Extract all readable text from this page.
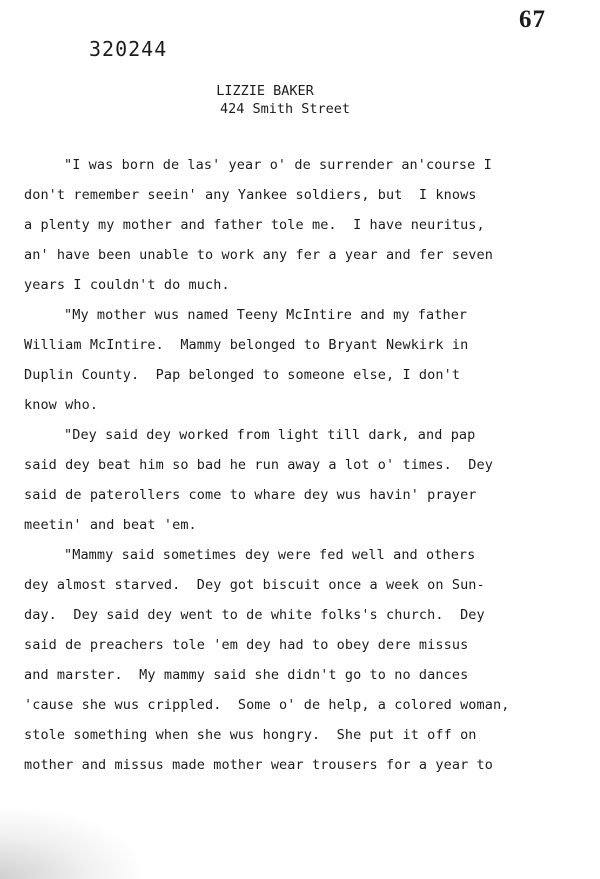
67
320244
LIZZIE BAKER
424 Smith Street
"I was born de las' year o' de surrender an'course I
don't remember seein' any Yankee soldiers, but  I knows
a plenty my mother and father tole me.  I have neuritus,
an' have been unable to work any fer a year and fer seven
years I couldn't do much.
"My mother wus named Teeny McIntire and my father
William McIntire.  Mammy belonged to Bryant Newkirk in
Duplin County.  Pap belonged to someone else, I don't
know who.
"Dey said dey worked from light till dark, and pap
said dey beat him so bad he run away a lot o' times.  Dey
said de paterollers come to whare dey wus havin' prayer
meetin' and beat 'em.
"Mammy said sometimes dey were fed well and others
dey almost starved.  Dey got biscuit once a week on Sun-
day.  Dey said dey went to de white folks's church.  Dey
said de preachers tole 'em dey had to obey dere missus
and marster.  My mammy said she didn't go to no dances
'cause she wus crippled.  Some o' de help, a colored woman,
stole something when she wus hongry.  She put it off on
mother and missus made mother wear trousers for a year to
